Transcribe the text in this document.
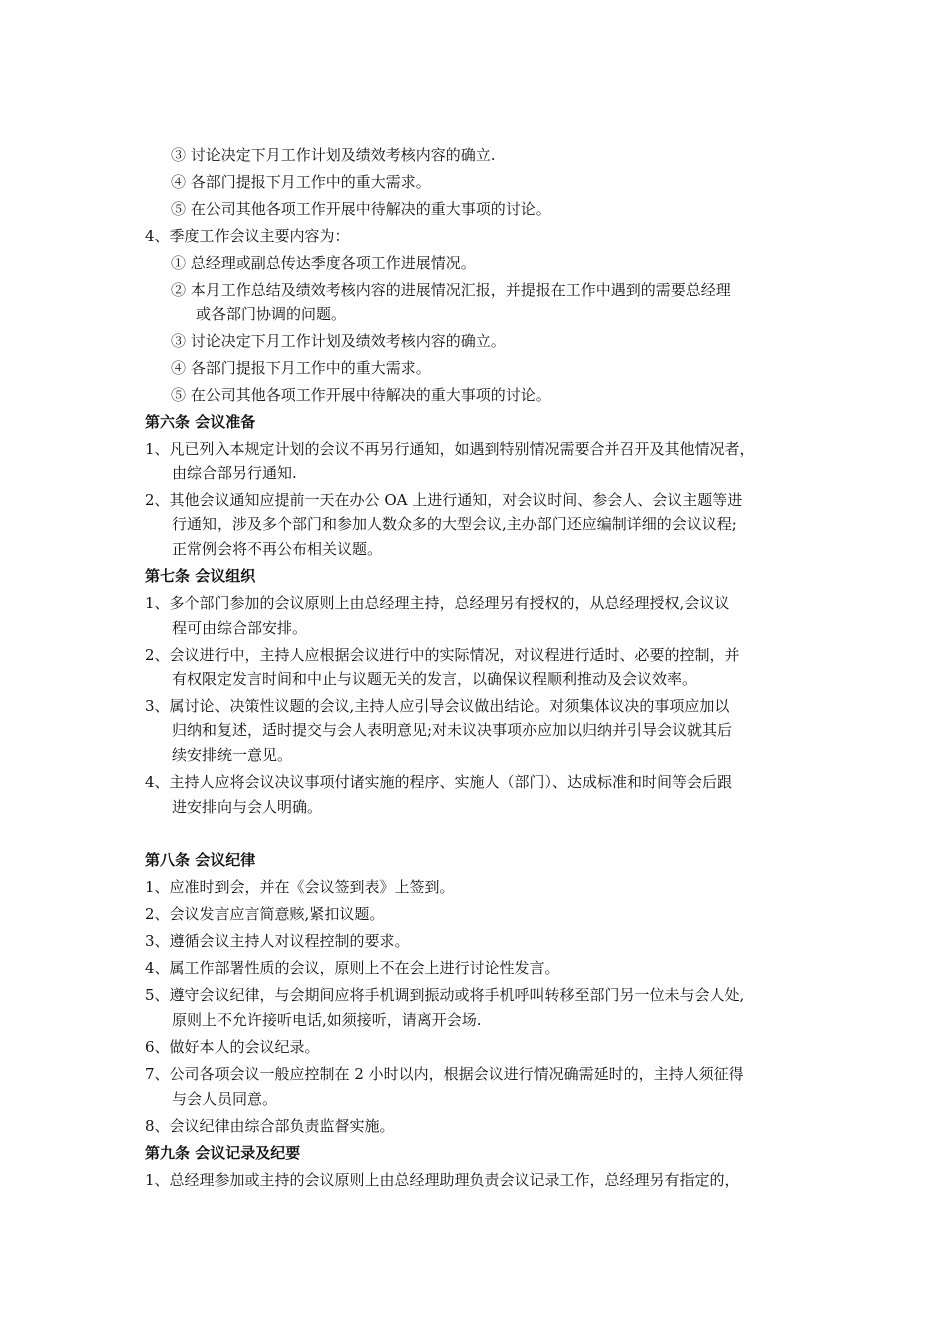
③ 讨论决定下月工作计划及绩效考核内容的确立.
④ 各部门提报下月工作中的重大需求。
⑤ 在公司其他各项工作开展中待解决的重大事项的讨论。
4、季度工作会议主要内容为：
① 总经理或副总传达季度各项工作进展情况。
② 本月工作总结及绩效考核内容的进展情况汇报，并提报在工作中遇到的需要总经理
或各部门协调的问题。
③ 讨论决定下月工作计划及绩效考核内容的确立。
④ 各部门提报下月工作中的重大需求。
⑤ 在公司其他各项工作开展中待解决的重大事项的讨论。
第六条 会议准备
1、凡已列入本规定计划的会议不再另行通知，如遇到特别情况需要合并召开及其他情况者，
由综合部另行通知.
2、其他会议通知应提前一天在办公 OA 上进行通知，对会议时间、参会人、会议主题等进
行通知，涉及多个部门和参加人数众多的大型会议,主办部门还应编制详细的会议议程;
正常例会将不再公布相关议题。
第七条 会议组织
1、多个部门参加的会议原则上由总经理主持，总经理另有授权的，从总经理授权,会议议
程可由综合部安排。
2、会议进行中，主持人应根据会议进行中的实际情况，对议程进行适时、必要的控制，并
有权限定发言时间和中止与议题无关的发言，以确保议程顺利推动及会议效率。
3、属讨论、决策性议题的会议,主持人应引导会议做出结论。对须集体议决的事项应加以
归纳和复述，适时提交与会人表明意见;对未议决事项亦应加以归纳并引导会议就其后
续安排统一意见。
4、主持人应将会议决议事项付诸实施的程序、实施人（部门）、达成标准和时间等会后跟
进安排向与会人明确。
第八条 会议纪律
1、应准时到会，并在《会议签到表》上签到。
2、会议发言应言简意赅,紧扣议题。
3、遵循会议主持人对议程控制的要求。
4、属工作部署性质的会议，原则上不在会上进行讨论性发言。
5、遵守会议纪律，与会期间应将手机调到振动或将手机呼叫转移至部门另一位未与会人处,
原则上不允许接听电话,如须接听，请离开会场.
6、做好本人的会议纪录。
7、公司各项会议一般应控制在 2 小时以内，根据会议进行情况确需延时的，主持人须征得
与会人员同意。
8、会议纪律由综合部负责监督实施。
第九条 会议记录及纪要
1、总经理参加或主持的会议原则上由总经理助理负责会议记录工作，总经理另有指定的，
